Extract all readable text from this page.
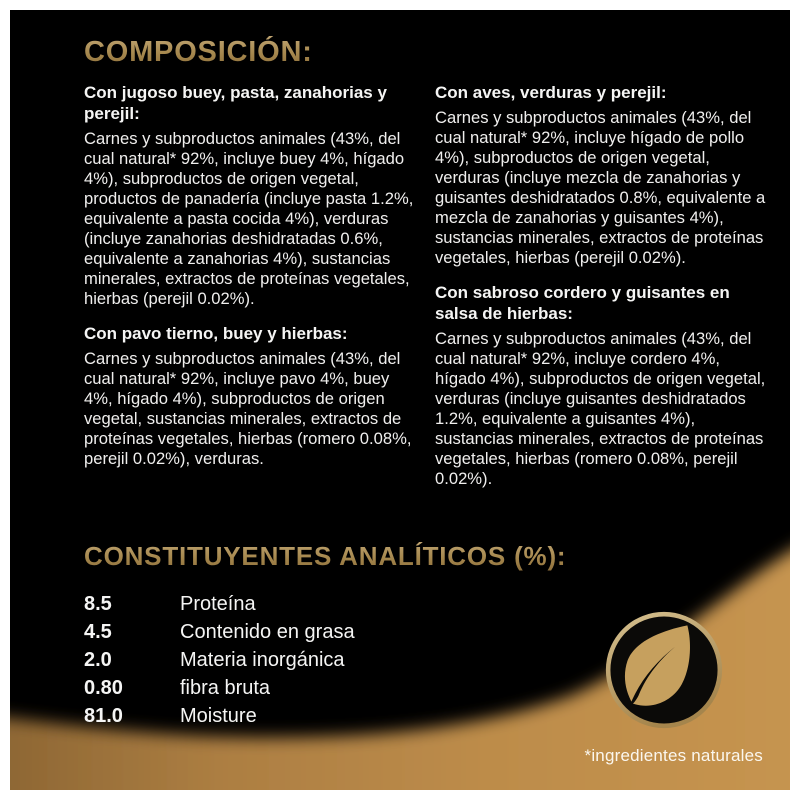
COMPOSICIÓN:
Con jugoso buey, pasta, zanahorias y perejil:

Carnes y subproductos animales (43%, del cual natural* 92%, incluye buey 4%, hígado 4%), subproductos de origen vegetal, productos de panadería (incluye pasta 1.2%, equivalente a pasta cocida 4%), verduras (incluye zanahorias deshidratadas 0.6%, equivalente a zanahorias 4%), sustancias minerales, extractos de proteínas vegetales, hierbas (perejil 0.02%).

Con pavo tierno, buey y hierbas:

Carnes y subproductos animales (43%, del cual natural* 92%, incluye pavo 4%, buey 4%, hígado 4%), subproductos de origen vegetal, sustancias minerales, extractos de proteínas vegetales, hierbas (romero 0.08%, perejil 0.02%), verduras.

Con aves, verduras y perejil:

Carnes y subproductos animales (43%, del cual natural* 92%, incluye hígado de pollo 4%), subproductos de origen vegetal, verduras (incluye mezcla de zanahorias y guisantes deshidratados 0.8%, equivalente a mezcla de zanahorias y guisantes 4%), sustancias minerales, extractos de proteínas vegetales, hierbas (perejil 0.02%).

Con sabroso cordero y guisantes en salsa de hierbas:

Carnes y subproductos animales (43%, del cual natural* 92%, incluye cordero 4%, hígado 4%), subproductos de origen vegetal, verduras (incluye guisantes deshidratados 1.2%, equivalente a guisantes 4%), sustancias minerales, extractos de proteínas vegetales, hierbas (romero 0.08%, perejil 0.02%).

CONSTITUYENTES ANALÍTICOS (%):
8.5	Proteína
4.5	Contenido en grasa
2.0	Materia inorgánica
0.80	fibra bruta
81.0	Moisture
*ingredientes naturales
